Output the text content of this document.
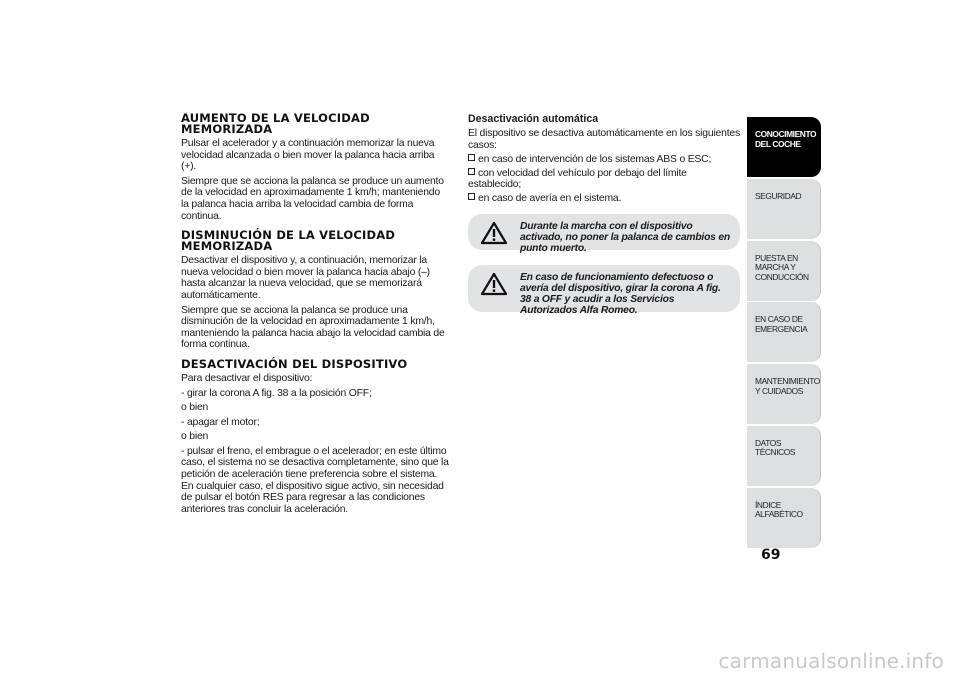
AUMENTO DE LA VELOCIDAD MEMORIZADA
Pulsar el acelerador y a continuación memorizar la nueva velocidad alcanzada o bien mover la palanca hacia arriba (+).
Siempre que se acciona la palanca se produce un aumento de la velocidad en aproximadamente 1 km/h; manteniendo la palanca hacia arriba la velocidad cambia de forma continua.
DISMINUCIÓN DE LA VELOCIDAD MEMORIZADA
Desactivar el dispositivo y, a continuación, memorizar la nueva velocidad o bien mover la palanca hacia abajo (–) hasta alcanzar la nueva velocidad, que se memorizará automáticamente.
Siempre que se acciona la palanca se produce una disminución de la velocidad en aproximadamente 1 km/h, manteniendo la palanca hacia abajo la velocidad cambia de forma continua.
DESACTIVACIÓN DEL DISPOSITIVO
Para desactivar el dispositivo:
- girar la corona A fig. 38 a la posición OFF;
o bien
- apagar el motor;
o bien
- pulsar el freno, el embrague o el acelerador; en este último caso, el sistema no se desactiva completamente, sino que la petición de aceleración tiene preferencia sobre el sistema. En cualquier caso, el dispositivo sigue activo, sin necesidad de pulsar el botón RES para regresar a las condiciones anteriores tras concluir la aceleración.
Desactivación automática
El dispositivo se desactiva automáticamente en los siguientes casos:
en caso de intervención de los sistemas ABS o ESC;
con velocidad del vehículo por debajo del límite establecido;
en caso de avería en el sistema.
Durante la marcha con el dispositivo activado, no poner la palanca de cambios en punto muerto.
En caso de funcionamiento defectuoso o avería del dispositivo, girar la corona A fig. 38 a OFF y acudir a los Servicios Autorizados Alfa Romeo.
CONOCIMIENTO DEL COCHE
SEGURIDAD
PUESTA EN MARCHA Y CONDUCCIÓN
EN CASO DE EMERGENCIA
MANTENIMIENTO Y CUIDADOS
DATOS TÉCNICOS
ÍNDICE ALFABÉTICO
69
carmanualsonline.info
